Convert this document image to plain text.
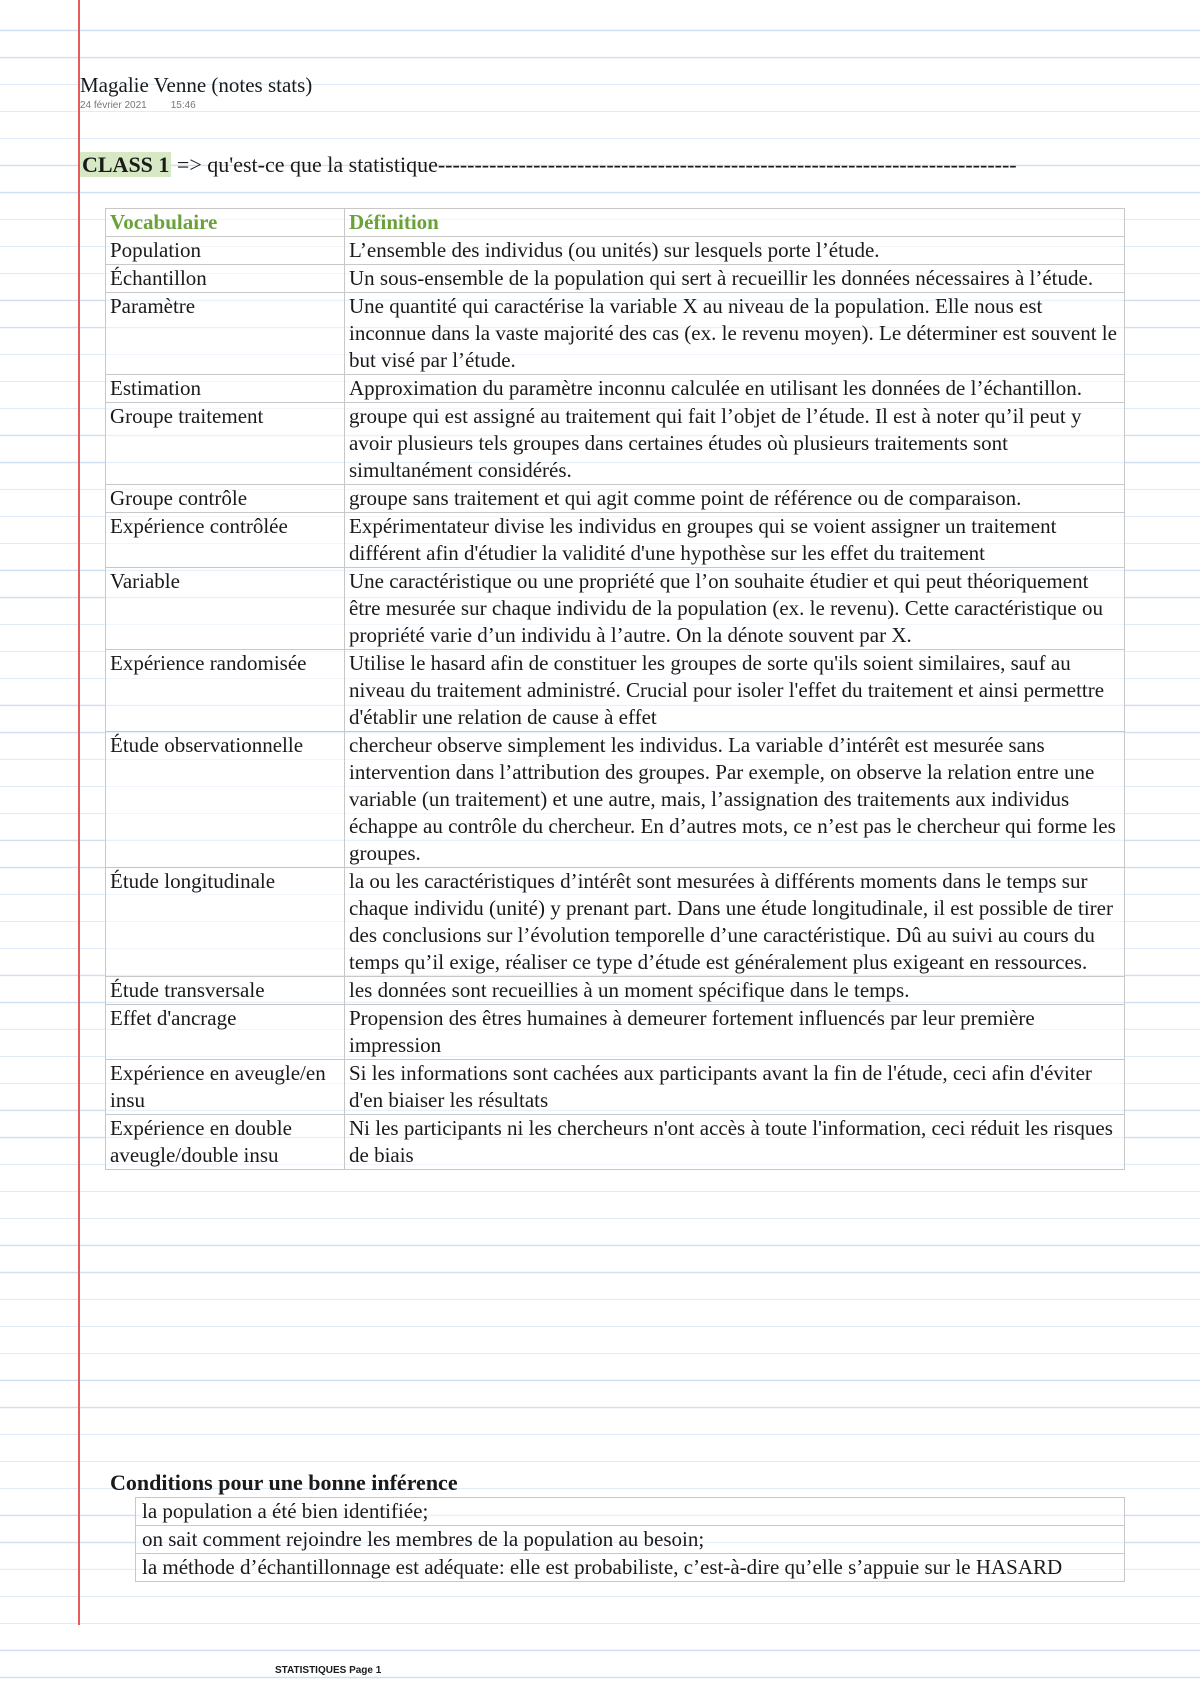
Magalie Venne (notes stats)
24 février 2021 15:46
CLASS 1 => qu'est-ce que la statistique-------------------------------------------------------------------------------
Vocabulaire	Définition
Population	L’ensemble des individus (ou unités) sur lesquels porte l’étude.
Échantillon	Un sous-ensemble de la population qui sert à recueillir les données nécessaires à l’étude.
Paramètre	Une quantité qui caractérise la variable X au niveau de la population. Elle nous est inconnue dans la vaste majorité des cas (ex. le revenu moyen). Le déterminer est souvent le but visé par l’étude.
Estimation	Approximation du paramètre inconnu calculée en utilisant les données de l’échantillon.
Groupe traitement	groupe qui est assigné au traitement qui fait l’objet de l’étude. Il est à noter qu’il peut y avoir plusieurs tels groupes dans certaines études où plusieurs traitements sont simultanément considérés.
Groupe contrôle	groupe sans traitement et qui agit comme point de référence ou de comparaison.
Expérience contrôlée	Expérimentateur divise les individus en groupes qui se voient assigner un traitement différent afin d'étudier la validité d'une hypothèse sur les effet du traitement
Variable	Une caractéristique ou une propriété que l’on souhaite étudier et qui peut théoriquement être mesurée sur chaque individu de la population (ex. le revenu). Cette caractéristique ou propriété varie d’un individu à l’autre. On la dénote souvent par X.
Expérience randomisée	Utilise le hasard afin de constituer les groupes de sorte qu'ils soient similaires, sauf au niveau du traitement administré. Crucial pour isoler l'effet du traitement et ainsi permettre d'établir une relation de cause à effet
Étude observationnelle	chercheur observe simplement les individus. La variable d’intérêt est mesurée sans intervention dans l’attribution des groupes. Par exemple, on observe la relation entre une variable (un traitement) et une autre, mais, l’assignation des traitements aux individus échappe au contrôle du chercheur. En d’autres mots, ce n’est pas le chercheur qui forme les groupes.
Étude longitudinale	la ou les caractéristiques d’intérêt sont mesurées à différents moments dans le temps sur chaque individu (unité) y prenant part. Dans une étude longitudinale, il est possible de tirer des conclusions sur l’évolution temporelle d’une caractéristique. Dû au suivi au cours du temps qu’il exige, réaliser ce type d’étude est généralement plus exigeant en ressources.
Étude transversale	les données sont recueillies à un moment spécifique dans le temps.
Effet d'ancrage	Propension des êtres humaines à demeurer fortement influencés par leur première impression
Expérience en aveugle/en insu	Si les informations sont cachées aux participants avant la fin de l'étude, ceci afin d'éviter d'en biaiser les résultats
Expérience en double aveugle/double insu	Ni les participants ni les chercheurs n'ont accès à toute l'information, ceci réduit les risques de biais
Conditions pour une bonne inférence
la population a été bien identifiée;
on sait comment rejoindre les membres de la population au besoin;
la méthode d’échantillonnage est adéquate: elle est probabiliste, c’est-à-dire qu’elle s’appuie sur le HASARD
STATISTIQUES Page 1
